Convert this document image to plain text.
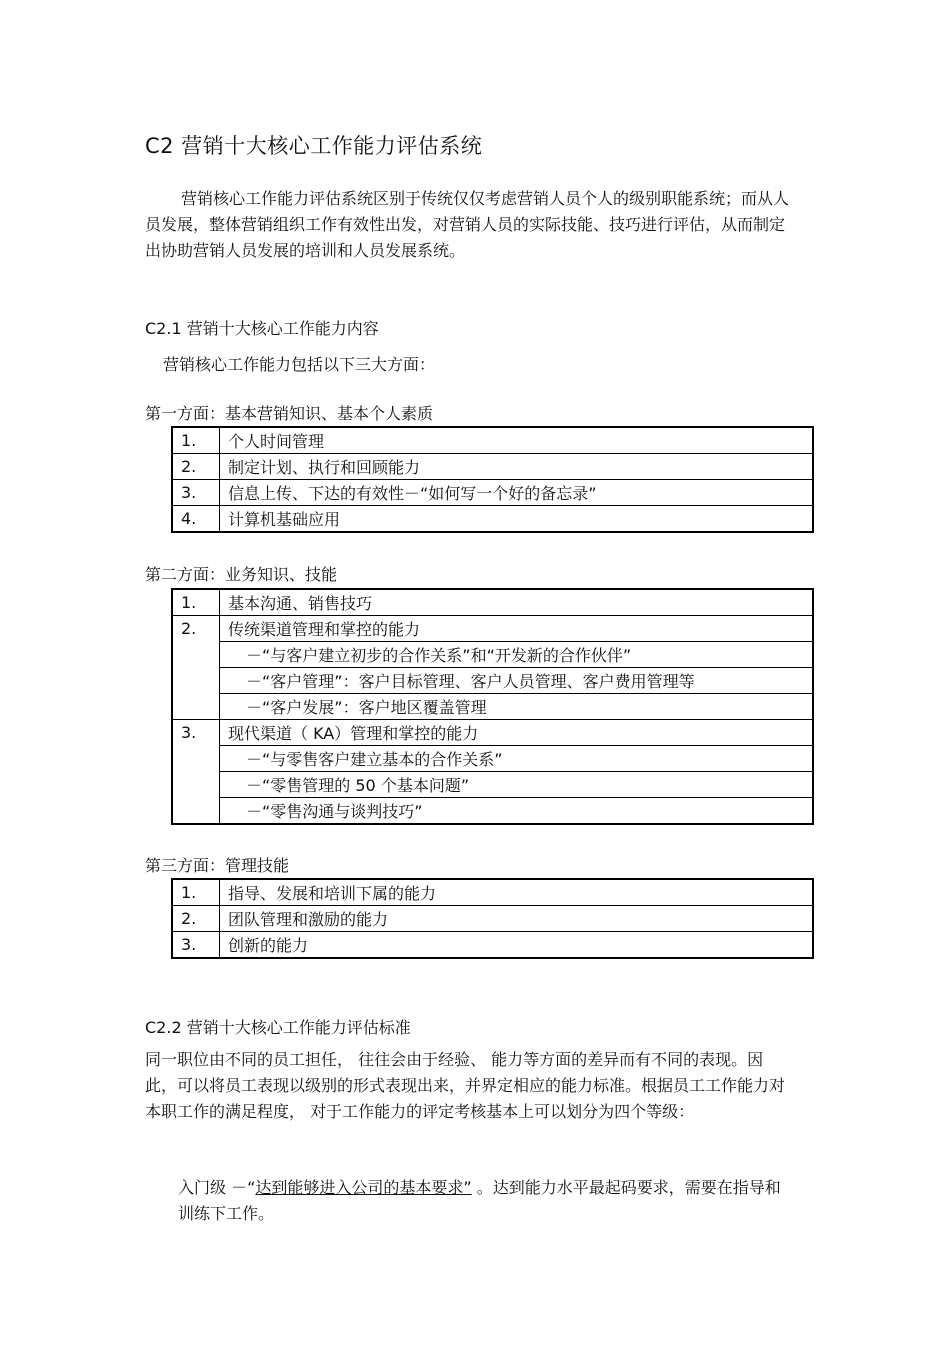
C2 营销十大核心工作能力评估系统

营销核心工作能力评估系统区别于传统仅仅考虑营销人员个人的级别职能系统；而从人员发展，整体营销组织工作有效性出发，对营销人员的实际技能、技巧进行评估，从而制定出协助营销人员发展的培训和人员发展系统。

C2.1 营销十大核心工作能力内容
营销核心工作能力包括以下三大方面：
第一方面：基本营销知识、基本个人素质
1.	个人时间管理
2.	制定计划、执行和回顾能力
3.	信息上传、下达的有效性－“如何写一个好的备忘录”
4.	计算机基础应用
第二方面：业务知识、技能
1.	基本沟通、销售技巧
2.	传统渠道管理和掌控的能力
	－“与客户建立初步的合作关系”和“开发新的合作伙伴”
	－“客户管理”：客户目标管理、客户人员管理、客户费用管理等
	－“客户发展”：客户地区覆盖管理
3.	现代渠道（ KA）管理和掌控的能力
	－“与零售客户建立基本的合作关系”
	－“零售管理的 50 个基本问题”
	－“零售沟通与谈判技巧”
第三方面：管理技能
1.	指导、发展和培训下属的能力
2.	团队管理和激励的能力
3.	创新的能力
C2.2 营销十大核心工作能力评估标准

同一职位由不同的员工担任， 往往会由于经验、 能力等方面的差异而有不同的表现。因此，可以将员工表现以级别的形式表现出来，并界定相应的能力标准。根据员工工作能力对本职工作的满足程度， 对于工作能力的评定考核基本上可以划分为四个等级：

入门级 －“达到能够进入公司的基本要求” 。达到能力水平最起码要求，需要在指导和训练下工作。
